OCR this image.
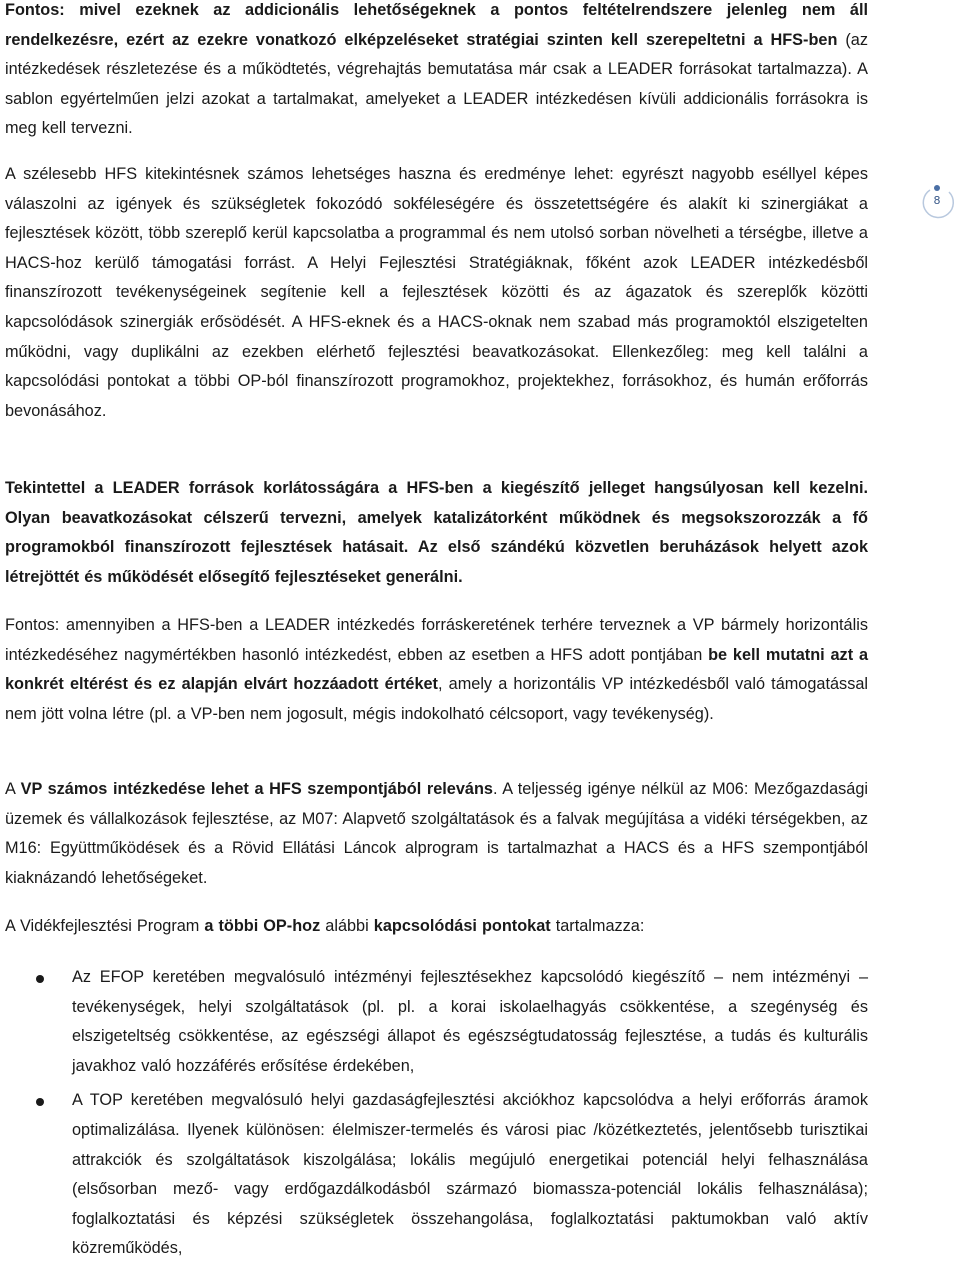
Fontos: mivel ezeknek az addicionális lehetőségeknek a pontos feltételrendszere jelenleg nem áll rendelkezésre, ezért az ezekre vonatkozó elképzeléseket stratégiai szinten kell szerepeltetni a HFS-ben (az intézkedések részletezése és a működtetés, végrehajtás bemutatása már csak a LEADER forrásokat tartalmazza). A sablon egyértelműen jelzi azokat a tartalmakat, amelyeket a LEADER intézkedésen kívüli addicionális forrásokra is meg kell tervezni.

A szélesebb HFS kitekintésnek számos lehetséges haszna és eredménye lehet: egyrészt nagyobb eséllyel képes válaszolni az igények és szükségletek fokozódó sokféleségére és összetettségére és alakít ki szinergiákat a fejlesztések között, több szereplő kerül kapcsolatba a programmal és nem utolsó sorban növelheti a térségbe, illetve a HACS-hoz kerülő támogatási forrást. A Helyi Fejlesztési Stratégiáknak, főként azok LEADER intézkedésből finanszírozott tevékenységeinek segítenie kell a fejlesztések közötti és az ágazatok és szereplők közötti kapcsolódások szinergiák erősödését. A HFS-eknek és a HACS-oknak nem szabad más programoktól elszigetelten működni, vagy duplikálni az ezekben elérhető fejlesztési beavatkozásokat. Ellenkezőleg: meg kell találni a kapcsolódási pontokat a többi OP-ból finanszírozott programokhoz, projektekhez, forrásokhoz, és humán erőforrás bevonásához.

Tekintettel a LEADER források korlátosságára a HFS-ben a kiegészítő jelleget hangsúlyosan kell kezelni. Olyan beavatkozásokat célszerű tervezni, amelyek katalizátorként működnek és megsokszorozzák a fő programokból finanszírozott fejlesztések hatásait. Az első szándékú közvetlen beruházások helyett azok létrejöttét és működését elősegítő fejlesztéseket generálni.

Fontos: amennyiben a HFS-ben a LEADER intézkedés forráskeretének terhére terveznek a VP bármely horizontális intézkedéséhez nagymértékben hasonló intézkedést, ebben az esetben a HFS adott pontjában be kell mutatni azt a konkrét eltérést és ez alapján elvárt hozzáadott értéket, amely a horizontális VP intézkedésből való támogatással nem jött volna létre (pl. a VP-ben nem jogosult, mégis indokolható célcsoport, vagy tevékenység).

A VP számos intézkedése lehet a HFS szempontjából releváns. A teljesség igénye nélkül az M06: Mezőgazdasági üzemek és vállalkozások fejlesztése, az M07: Alapvető szolgáltatások és a falvak megújítása a vidéki térségekben, az M16: Együttműködések és a Rövid Ellátási Láncok alprogram is tartalmazhat a HACS és a HFS szempontjából kiaknázandó lehetőségeket.

A Vidékfejlesztési Program a többi OP-hoz alábbi kapcsolódási pontokat tartalmazza:

Az EFOP keretében megvalósuló intézményi fejlesztésekhez kapcsolódó kiegészítő – nem intézményi – tevékenységek, helyi szolgáltatások (pl. pl. a korai iskolaelhagyás csökkentése, a szegénység és elszigeteltség csökkentése, az egészségi állapot és egészségtudatosság fejlesztése, a tudás és kulturális javakhoz való hozzáférés erősítése érdekében,

A TOP keretében megvalósuló helyi gazdaságfejlesztési akciókhoz kapcsolódva a helyi erőforrás áramok optimalizálása. Ilyenek különösen: élelmiszer-termelés és városi piac /közétkeztetés, jelentősebb turisztikai attrakciók és szolgáltatások kiszolgálása; lokális megújuló energetikai potenciál helyi felhasználása (elsősorban mező- vagy erdőgazdálkodásból származó biomassza-potenciál lokális felhasználása); foglalkoztatási és képzési szükségletek összehangolása, foglalkoztatási paktumokban való aktív közreműködés,

8
